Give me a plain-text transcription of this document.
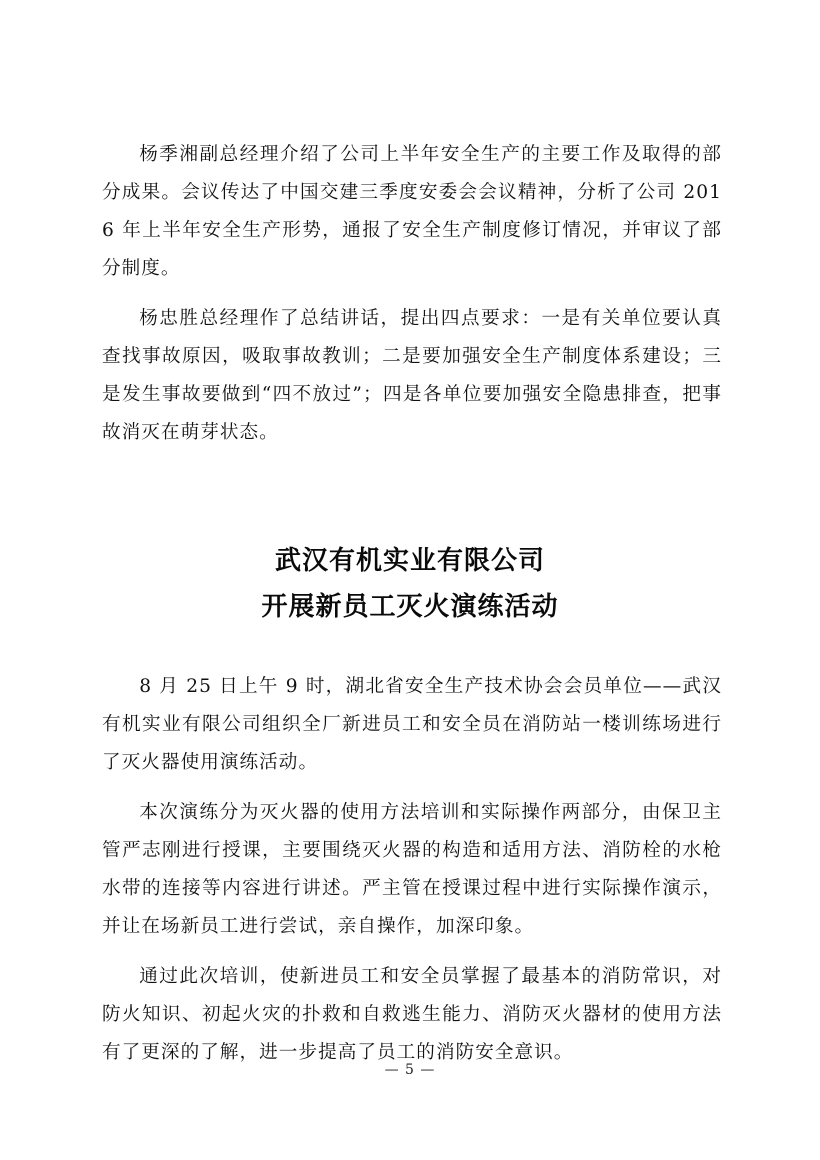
杨季湘副总经理介绍了公司上半年安全生产的主要工作及取得的部分成果。会议传达了中国交建三季度安委会会议精神，分析了公司 2016 年上半年安全生产形势，通报了安全生产制度修订情况，并审议了部分制度。

杨忠胜总经理作了总结讲话，提出四点要求：一是有关单位要认真查找事故原因，吸取事故教训；二是要加强安全生产制度体系建设；三是发生事故要做到“四不放过”；四是各单位要加强安全隐患排查，把事故消灭在萌芽状态。

武汉有机实业有限公司
开展新员工灭火演练活动

8 月 25 日上午 9 时，湖北省安全生产技术协会会员单位——武汉有机实业有限公司组织全厂新进员工和安全员在消防站一楼训练场进行了灭火器使用演练活动。

本次演练分为灭火器的使用方法培训和实际操作两部分，由保卫主管严志刚进行授课，主要围绕灭火器的构造和适用方法、消防栓的水枪水带的连接等内容进行讲述。严主管在授课过程中进行实际操作演示，并让在场新员工进行尝试，亲自操作，加深印象。

通过此次培训，使新进员工和安全员掌握了最基本的消防常识，对防火知识、初起火灾的扑救和自救逃生能力、消防灭火器材的使用方法有了更深的了解，进一步提高了员工的消防安全意识。

— 5 —
